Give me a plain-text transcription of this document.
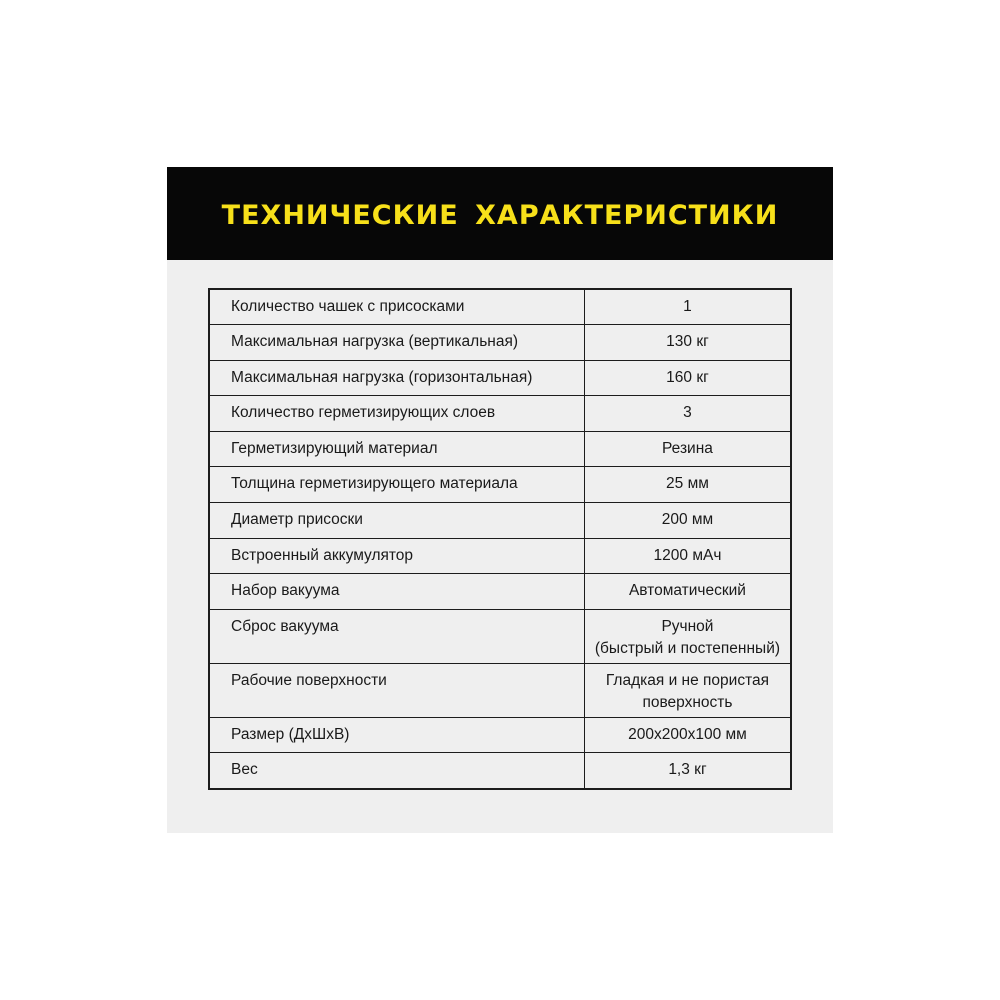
ТЕХНИЧЕСКИЕ ХАРАКТЕРИСТИКИ
Количество чашек с присосками	1

Максимальная нагрузка (вертикальная)	130 кг

Максимальная нагрузка (горизонтальная)	160 кг

Количество герметизирующих слоев	3

Герметизирующий материал	Резина

Толщина герметизирующего материала	25 мм

Диаметр присоски	200 мм

Встроенный аккумулятор	1200 мАч

Набор вакуума	Автоматический

Сброс вакуума	Ручной
(быстрый и постепенный)

Рабочие поверхности	Гладкая и не пористая
поверхность

Размер (ДхШхВ)	200x200x100 мм

Вес	1,3 кг
